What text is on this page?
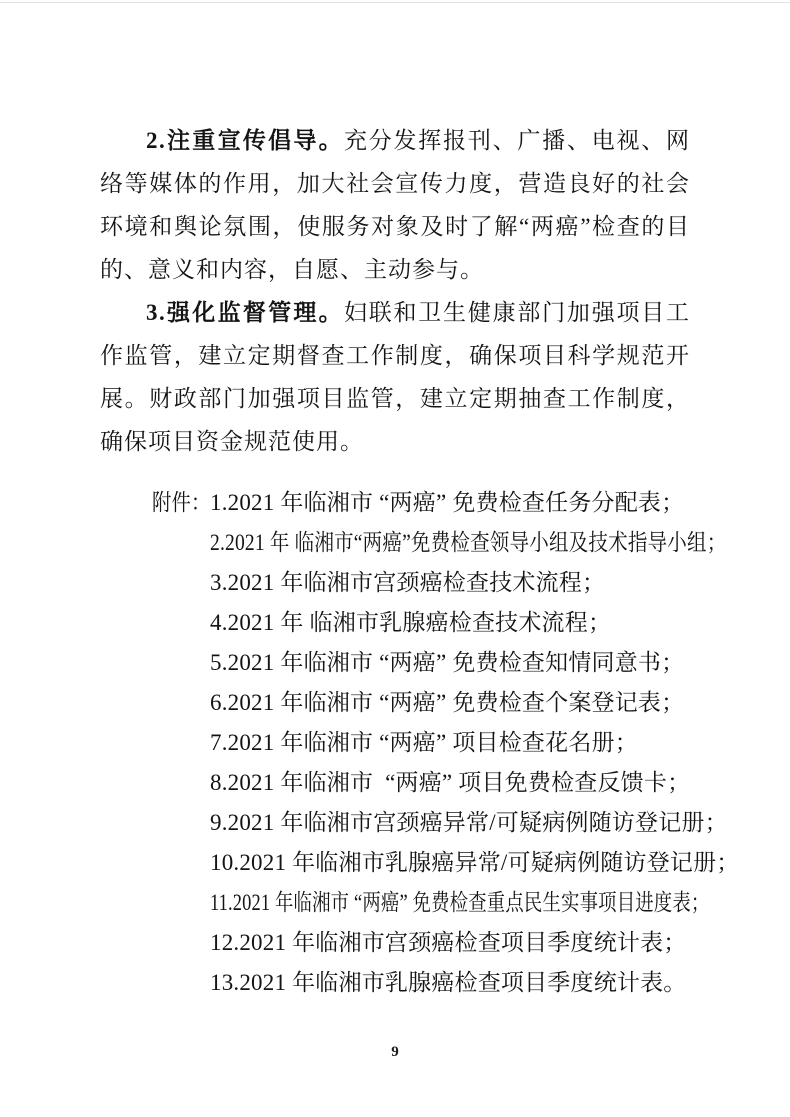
2.注重宣传倡导。充分发挥报刊、广播、电视、网络等媒体的作用，加大社会宣传力度，营造良好的社会环境和舆论氛围，使服务对象及时了解“两癌”检查的目的、意义和内容，自愿、主动参与。

3.强化监督管理。妇联和卫生健康部门加强项目工作监管，建立定期督查工作制度，确保项目科学规范开展。财政部门加强项目监管，建立定期抽查工作制度，确保项目资金规范使用。

附件： 1.2021 年临湘市 “两癌” 免费检查任务分配表；
2.2021 年 临湘市“两癌”免费检查领导小组及技术指导小组；
3.2021 年临湘市宫颈癌检查技术流程；
4.2021 年 临湘市乳腺癌检查技术流程；
5.2021 年临湘市 “两癌” 免费检查知情同意书；
6.2021 年临湘市 “两癌” 免费检查个案登记表；
7.2021 年临湘市 “两癌” 项目检查花名册；
8.2021 年临湘市  “两癌” 项目免费检查反馈卡；
9.2021 年临湘市宫颈癌异常/可疑病例随访登记册；
10.2021 年临湘市乳腺癌异常/可疑病例随访登记册；
11.2021 年临湘市 “两癌” 免费检查重点民生实事项目进度表；
12.2021 年临湘市宫颈癌检查项目季度统计表；
13.2021 年临湘市乳腺癌检查项目季度统计表。
9
